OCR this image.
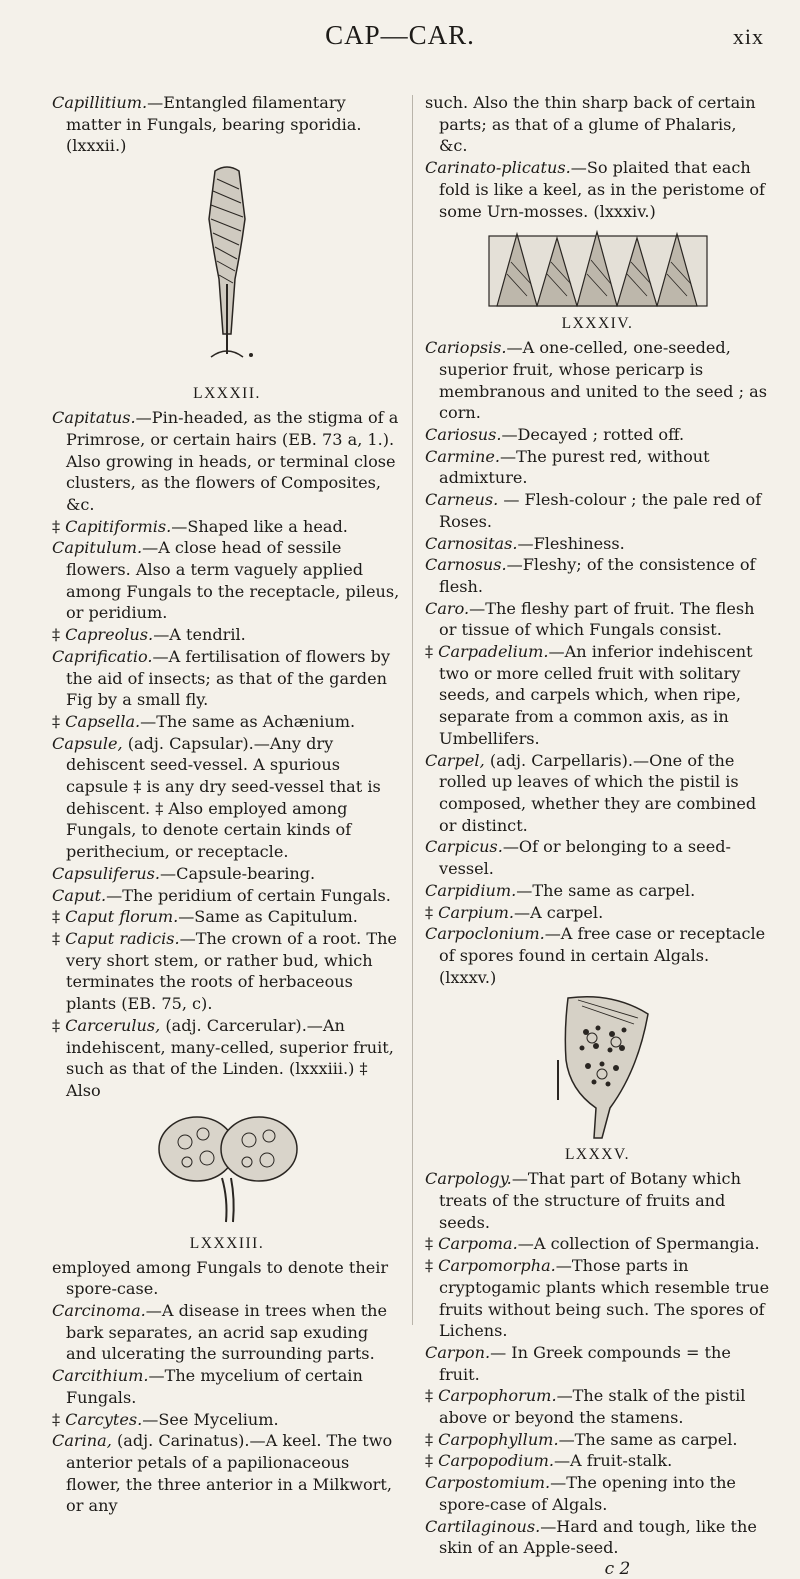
CAP—CAR.	xix

Capillitium.—Entangled filamentary matter in Fungals, bearing sporidia. (lxxxii.)

LXXXII.

Capitatus.—Pin-headed, as the stigma of a Primrose, or certain hairs (EB. 73 a, 1.). Also growing in heads, or terminal close clusters, as the flowers of Composites, &c.

‡ Capitiformis.—Shaped like a head.

Capitulum.—A close head of sessile flowers. Also a term vaguely applied among Fungals to the receptacle, pileus, or peridium.

‡ Capreolus.—A tendril.

Caprificatio.—A fertilisation of flowers by the aid of insects; as that of the garden Fig by a small fly.

‡ Capsella.—The same as Achænium.

Capsule, (adj. Capsular).—Any dry dehiscent seed-vessel. A spurious capsule ‡ is any dry seed-vessel that is dehiscent. ‡ Also employed among Fungals, to denote certain kinds of perithecium, or receptacle.

Capsuliferus.—Capsule-bearing.

Caput.—The peridium of certain Fungals.

‡ Caput florum.—Same as Capitulum.

‡ Caput radicis.—The crown of a root. The very short stem, or rather bud, which terminates the roots of herbaceous plants (EB. 75, c).

‡ Carcerulus, (adj. Carcerular).—An indehiscent, many-celled, superior fruit, such as that of the Linden. (lxxxiii.) ‡ Also

LXXXIII.

employed among Fungals to denote their spore-case.

Carcinoma.—A disease in trees when the bark separates, an acrid sap exuding and ulcerating the surrounding parts.

Carcithium.—The mycelium of certain Fungals.

‡ Carcytes.—See Mycelium.

Carina, (adj. Carinatus).—A keel. The two anterior petals of a papilionaceous flower, the three anterior in a Milkwort, or any

such. Also the thin sharp back of certain parts; as that of a glume of Phalaris, &c.

Carinato-plicatus.—So plaited that each fold is like a keel, as in the peristome of some Urn-mosses. (lxxxiv.)

LXXXIV.

Cariopsis.—A one-celled, one-seeded, superior fruit, whose pericarp is membranous and united to the seed ; as corn.

Cariosus.—Decayed ; rotted off.

Carmine.—The purest red, without admixture.

Carneus. — Flesh-colour ; the pale red of Roses.

Carnositas.—Fleshiness.

Carnosus.—Fleshy; of the consistence of flesh.

Caro.—The fleshy part of fruit. The flesh or tissue of which Fungals consist.

‡ Carpadelium.—An inferior indehiscent two or more celled fruit with solitary seeds, and carpels which, when ripe, separate from a common axis, as in Umbellifers.

Carpel, (adj. Carpellaris).—One of the rolled up leaves of which the pistil is composed, whether they are combined or distinct.

Carpicus.—Of or belonging to a seed-vessel.

Carpidium.—The same as carpel.

‡ Carpium.—A carpel.

Carpoclonium.—A free case or receptacle of spores found in certain Algals. (lxxxv.)

LXXXV.

Carpology.—That part of Botany which treats of the structure of fruits and seeds.

‡ Carpoma.—A collection of Spermangia.

‡ Carpomorpha.—Those parts in cryptogamic plants which resemble true fruits without being such. The spores of Lichens.

Carpon.— In Greek compounds = the fruit.

‡ Carpophorum.—The stalk of the pistil above or beyond the stamens.

‡ Carpophyllum.—The same as carpel.

‡ Carpopodium.—A fruit-stalk.

Carpostomium.—The opening into the spore-case of Algals.

Cartilaginous.—Hard and tough, like the skin of an Apple-seed.

c 2
